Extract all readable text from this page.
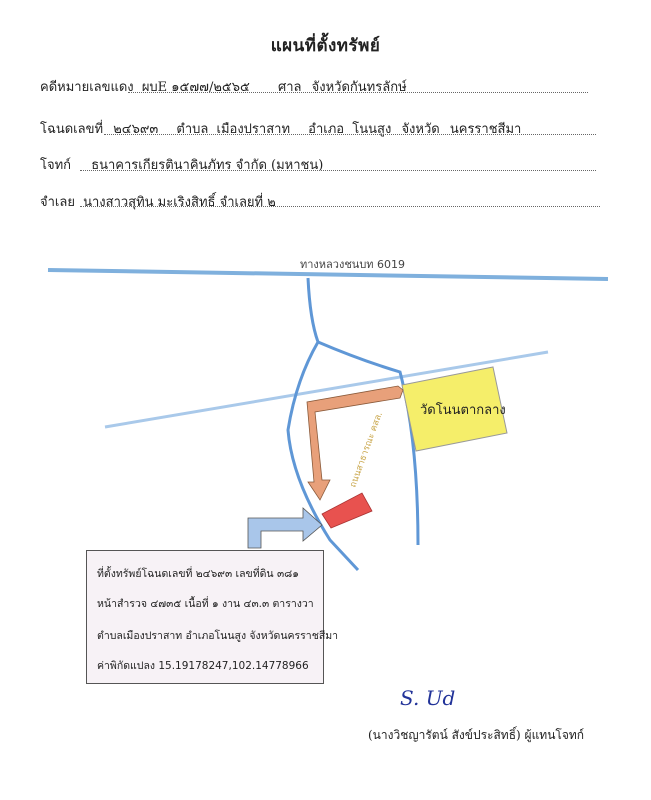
แผนที่ตั้งทรัพย์
คดีหมายเลขแดง ผบE ๑๕๗๗/๒๕๖๕ ศาล จังหวัดกันทรลักษ์
โฉนดเลขที่ ๒๔๖๙๓ ตำบล เมืองปราสาท อำเภอ โนนสูง จังหวัด นครราชสีมา
โจทก์ ธนาคารเกียรตินาคินภัทร จำกัด (มหาชน)
จำเลย นางสาวสุทิน มะเริงสิทธิ์ จำเลยที่ ๒
ทางหลวงชนบท 6019
ถนนสาธารณะ คสล.
วัดโนนตากลาง
ที่ตั้งทรัพย์โฉนดเลขที่ ๒๔๖๙๓ เลขที่ดิน ๓๘๑
หน้าสำรวจ ๔๗๓๕ เนื้อที่ ๑ งาน ๔๓.๓ ตารางวา
ตำบลเมืองปราสาท อำเภอโนนสูง จังหวัดนครราชสีมา
ค่าพิกัดแปลง 15.19178247,102.14778966
S. Ud
(นางวิชญารัตน์ สังข์ประสิทธิ์) ผู้แทนโจทก์
